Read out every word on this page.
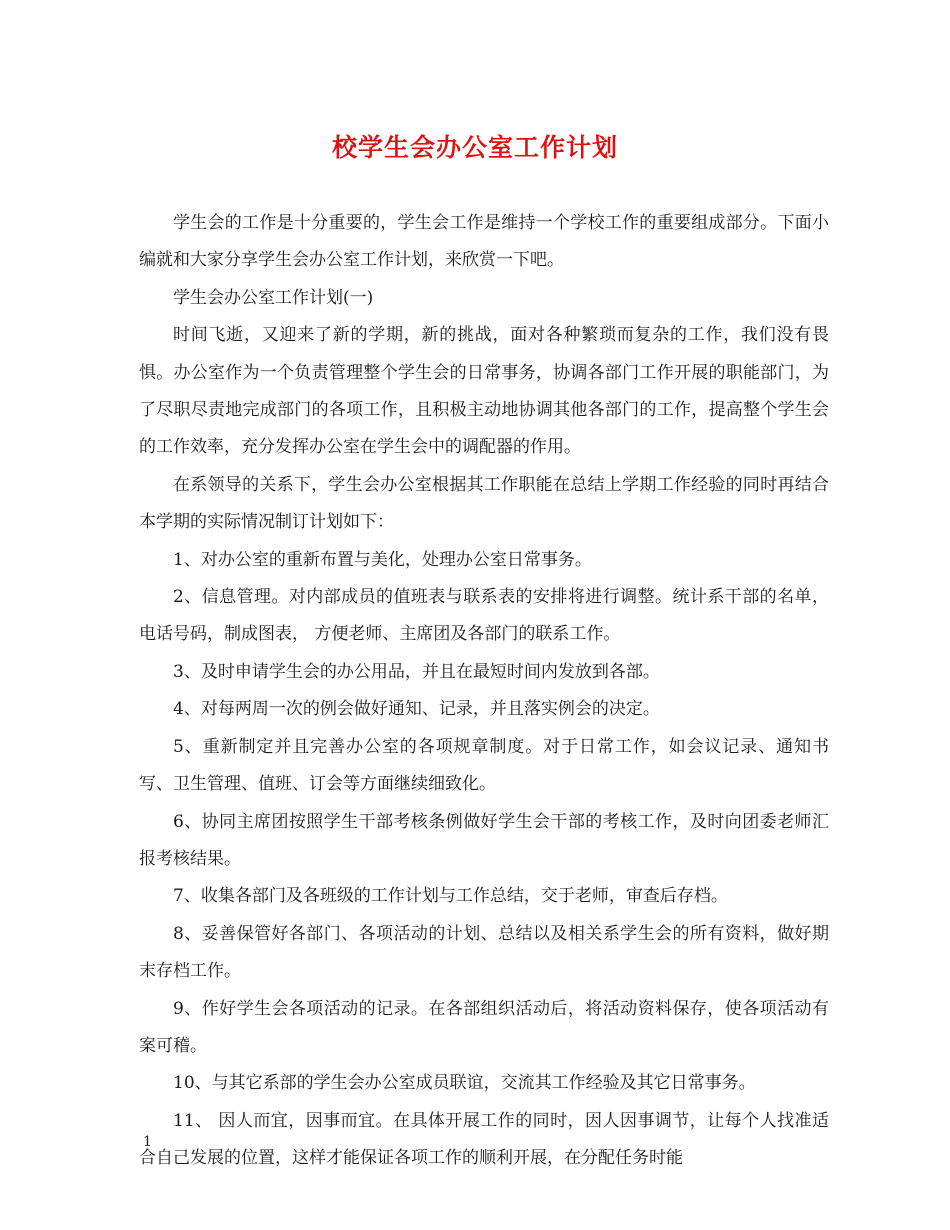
校学生会办公室工作计划

学生会的工作是十分重要的，学生会工作是维持一个学校工作的重要组成部分。下面小编就和大家分享学生会办公室工作计划，来欣赏一下吧。

学生会办公室工作计划(一)

时间飞逝，又迎来了新的学期，新的挑战，面对各种繁琐而复杂的工作，我们没有畏惧。办公室作为一个负责管理整个学生会的日常事务，协调各部门工作开展的职能部门，为了尽职尽责地完成部门的各项工作，且积极主动地协调其他各部门的工作，提高整个学生会的工作效率，充分发挥办公室在学生会中的调配器的作用。

在系领导的关系下，学生会办公室根据其工作职能在总结上学期工作经验的同时再结合本学期的实际情况制订计划如下：

1、对办公室的重新布置与美化，处理办公室日常事务。

2、信息管理。对内部成员的值班表与联系表的安排将进行调整。统计系干部的名单，电话号码，制成图表， 方便老师、主席团及各部门的联系工作。

3、及时申请学生会的办公用品，并且在最短时间内发放到各部。

4、对每两周一次的例会做好通知、记录，并且落实例会的决定。

5、重新制定并且完善办公室的各项规章制度。对于日常工作，如会议记录、通知书写、卫生管理、值班、订会等方面继续细致化。

6、协同主席团按照学生干部考核条例做好学生会干部的考核工作，及时向团委老师汇报考核结果。

7、收集各部门及各班级的工作计划与工作总结，交于老师，审查后存档。

8、妥善保管好各部门、各项活动的计划、总结以及相关系学生会的所有资料，做好期末存档工作。

9、作好学生会各项活动的记录。在各部组织活动后，将活动资料保存，使各项活动有案可稽。

10、与其它系部的学生会办公室成员联谊，交流其工作经验及其它日常事务。

11、 因人而宜，因事而宜。在具体开展工作的同时，因人因事调节，让每个人找准适合自己发展的位置，这样才能保证各项工作的顺利开展，在分配任务时能

1
